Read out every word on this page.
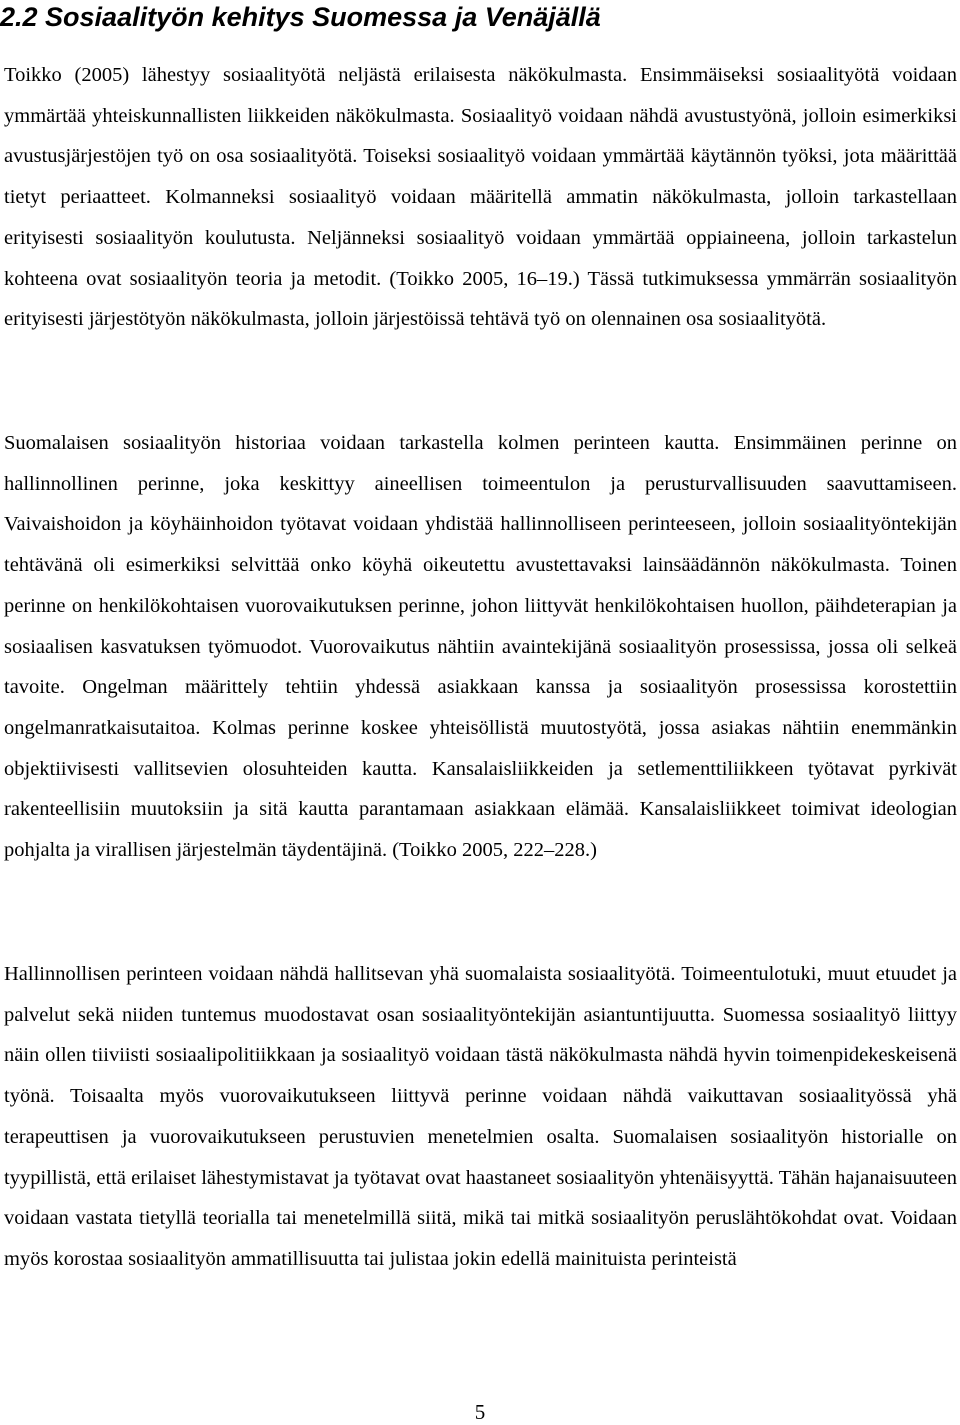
2.2 Sosiaalityön kehitys Suomessa ja Venäjällä

Toikko (2005) lähestyy sosiaalityötä neljästä erilaisesta näkökulmasta. Ensimmäiseksi sosiaalityötä voidaan ymmärtää yhteiskunnallisten liikkeiden näkökulmasta. Sosiaalityö voidaan nähdä avustustyönä, jolloin esimerkiksi avustusjärjestöjen työ on osa sosiaalityötä. Toiseksi sosiaalityö voidaan ymmärtää käytännön työksi, jota määrittää tietyt periaatteet. Kolmanneksi sosiaalityö voidaan määritellä ammatin näkökulmasta, jolloin tarkastellaan erityisesti sosiaalityön koulutusta. Neljänneksi sosiaalityö voidaan ymmärtää oppiaineena, jolloin tarkastelun kohteena ovat sosiaalityön teoria ja metodit. (Toikko 2005, 16–19.) Tässä tutkimuksessa ymmärrän sosiaalityön erityisesti järjestötyön näkökulmasta, jolloin järjestöissä tehtävä työ on olennainen osa sosiaalityötä.

Suomalaisen sosiaalityön historiaa voidaan tarkastella kolmen perinteen kautta. Ensimmäinen perinne on hallinnollinen perinne, joka keskittyy aineellisen toimeentulon ja perusturvallisuuden saavuttamiseen. Vaivaishoidon ja köyhäinhoidon työtavat voidaan yhdistää hallinnolliseen perinteeseen, jolloin sosiaalityöntekijän tehtävänä oli esimerkiksi selvittää onko köyhä oikeutettu avustettavaksi lainsäädännön näkökulmasta. Toinen perinne on henkilökohtaisen vuorovaikutuksen perinne, johon liittyvät henkilökohtaisen huollon, päihdeterapian ja sosiaalisen kasvatuksen työmuodot. Vuorovaikutus nähtiin avaintekijänä sosiaalityön prosessissa, jossa oli selkeä tavoite. Ongelman määrittely tehtiin yhdessä asiakkaan kanssa ja sosiaalityön prosessissa korostettiin ongelmanratkaisutaitoa. Kolmas perinne koskee yhteisöllistä muutostyötä, jossa asiakas nähtiin enemmänkin objektiivisesti vallitsevien olosuhteiden kautta. Kansalaisliikkeiden ja setlementtiliikkeen työtavat pyrkivät rakenteellisiin muutoksiin ja sitä kautta parantamaan asiakkaan elämää. Kansalaisliikkeet toimivat ideologian pohjalta ja virallisen järjestelmän täydentäjinä. (Toikko 2005, 222–228.)

Hallinnollisen perinteen voidaan nähdä hallitsevan yhä suomalaista sosiaalityötä. Toimeentulotuki, muut etuudet ja palvelut sekä niiden tuntemus muodostavat osan sosiaalityöntekijän asiantuntijuutta. Suomessa sosiaalityö liittyy näin ollen tiiviisti sosiaalipolitiikkaan ja sosiaalityö voidaan tästä näkökulmasta nähdä hyvin toimenpidekeskeisenä työnä. Toisaalta myös vuorovaikutukseen liittyvä perinne voidaan nähdä vaikuttavan sosiaalityössä yhä terapeuttisen ja vuorovaikutukseen perustuvien menetelmien osalta. Suomalaisen sosiaalityön historialle on tyypillistä, että erilaiset lähestymistavat ja työtavat ovat haastaneet sosiaalityön yhtenäisyyttä. Tähän hajanaisuuteen voidaan vastata tietyllä teorialla tai menetelmillä siitä, mikä tai mitkä sosiaalityön peruslähtökohdat ovat. Voidaan myös korostaa sosiaalityön ammatillisuutta tai julistaa jokin edellä mainituista perinteistä

5
